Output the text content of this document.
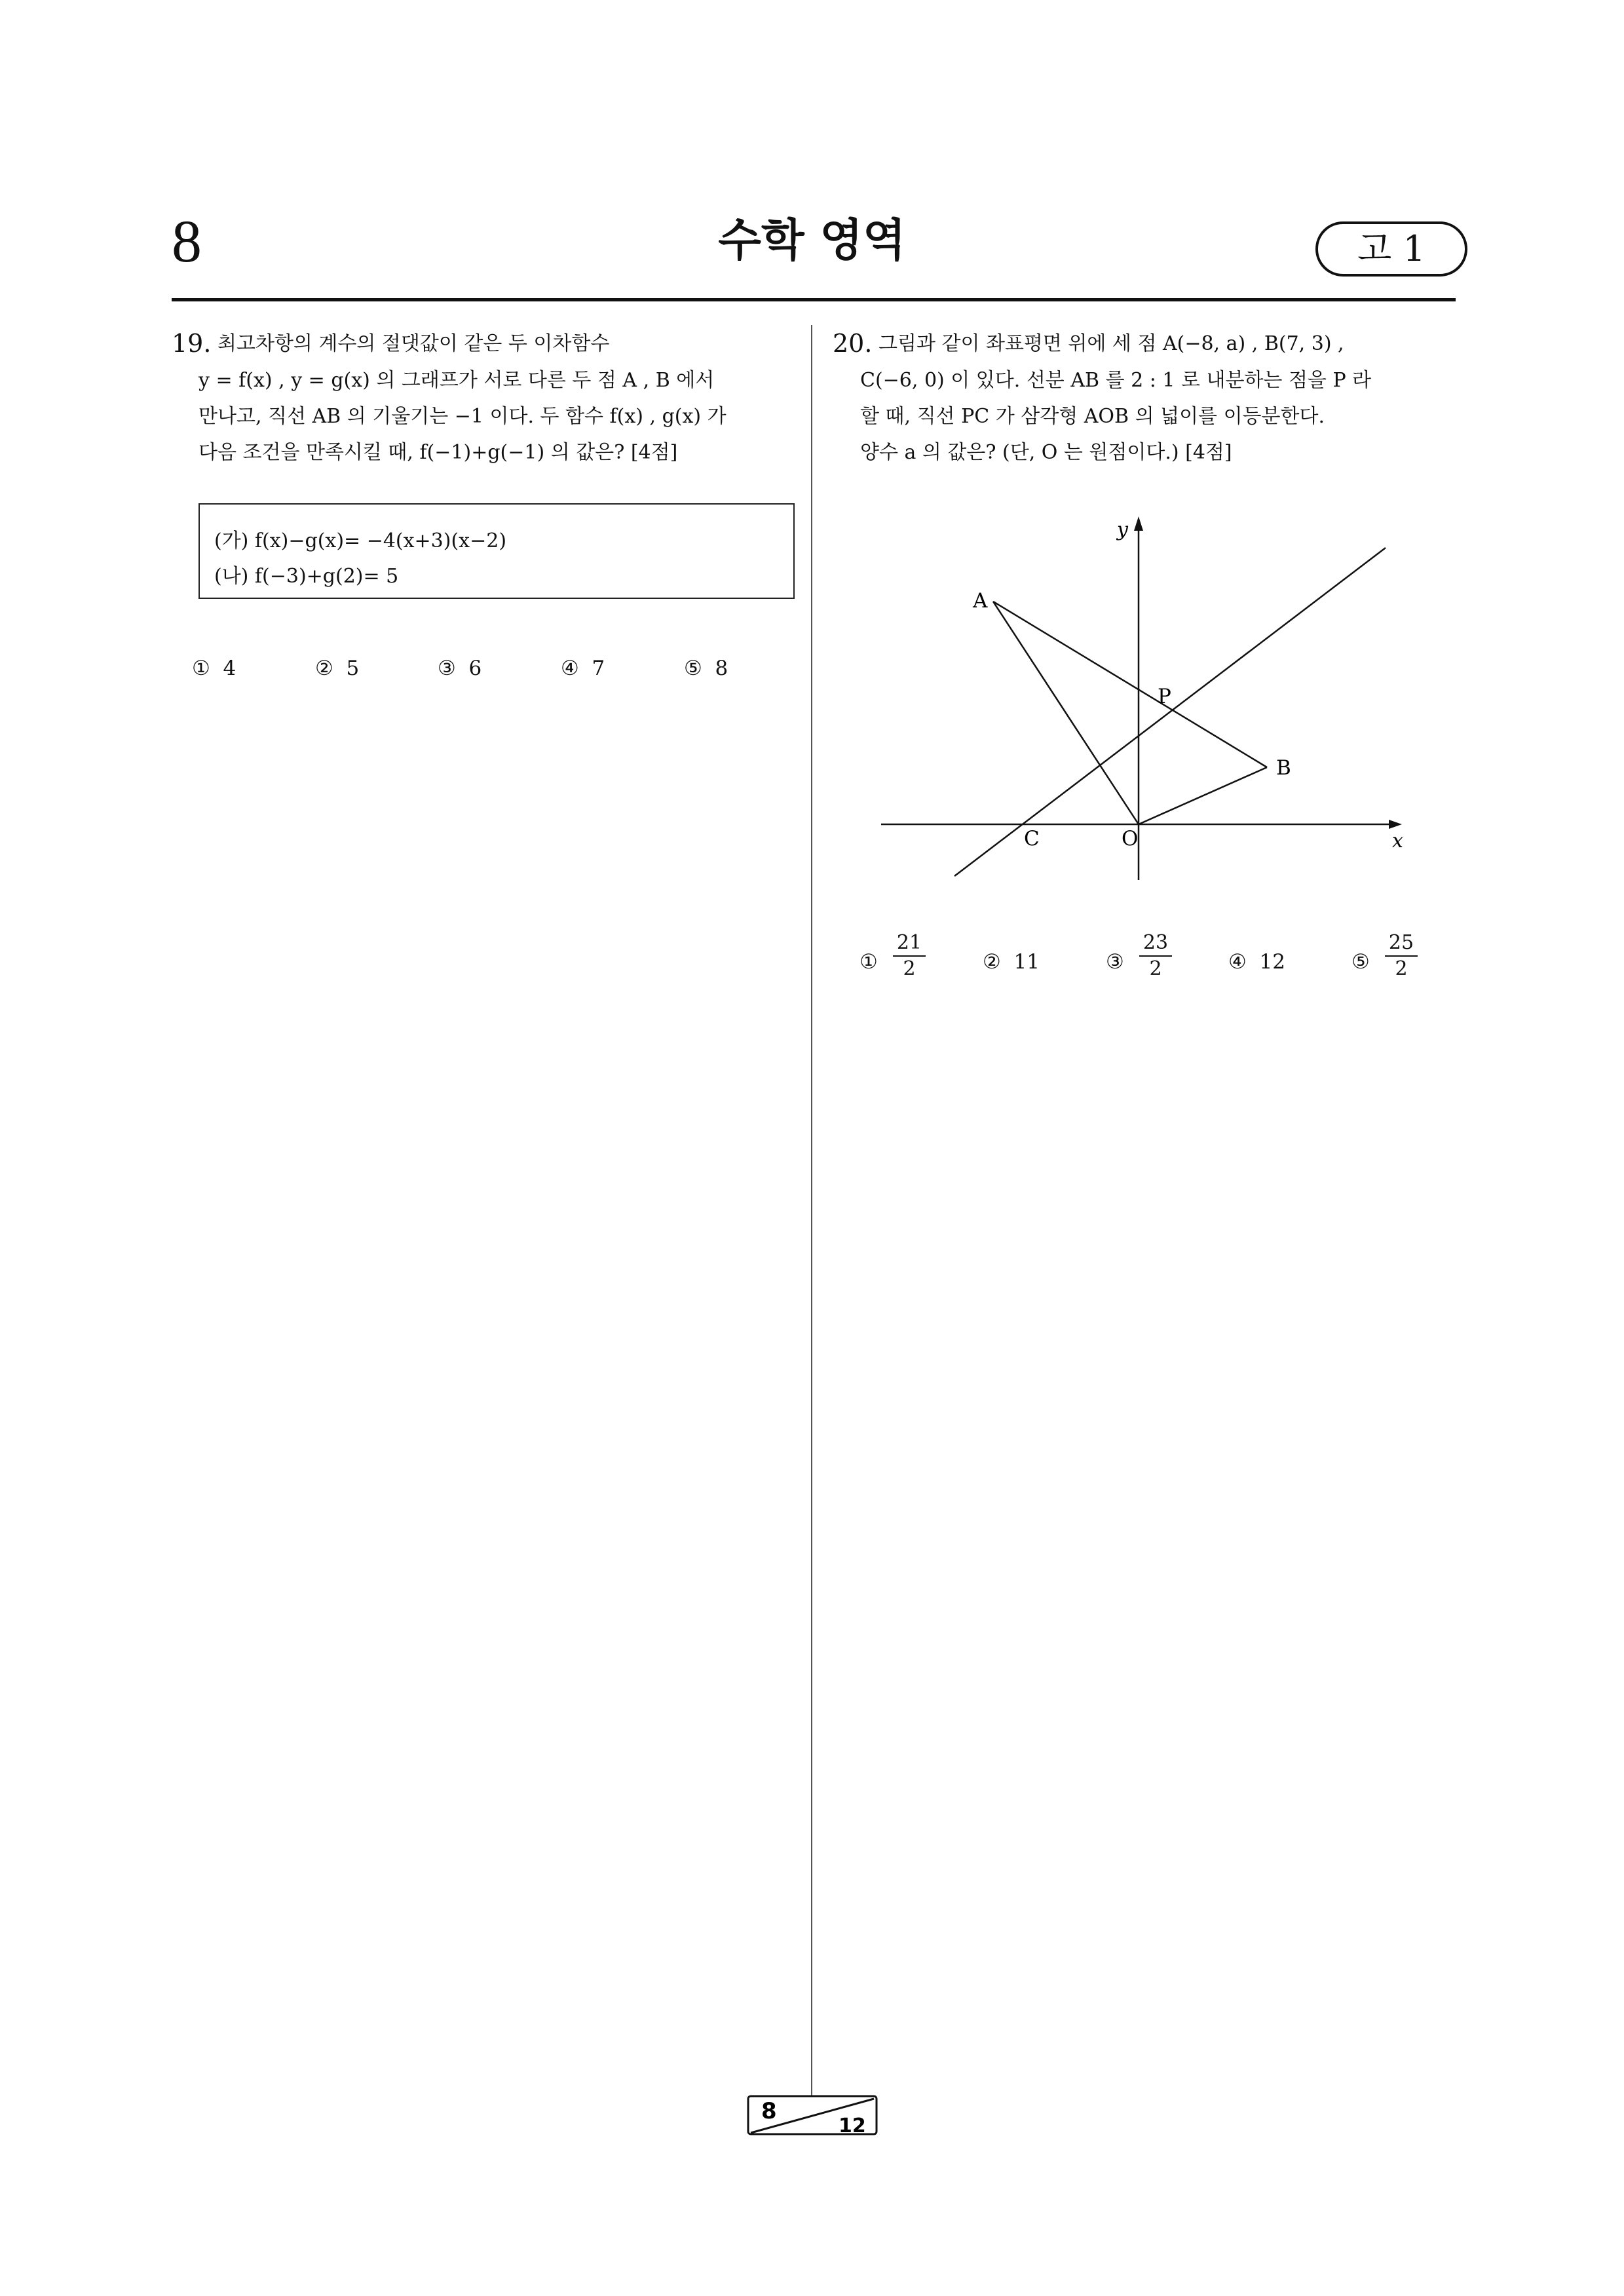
8	수학 영역	고 1
19. 최고차항의 계수의 절댓값이 같은 두 이차함수
y = f(x) , y = g(x) 의 그래프가 서로 다른 두 점 A , B 에서
만나고, 직선 AB 의 기울기는 −1 이다. 두 함수 f(x) , g(x) 가
다음 조건을 만족시킬 때, f(−1)+g(−1) 의 값은? [4점]
(가) f(x)−g(x)= −4(x+3)(x−2)
(나) f(−3)+g(2)= 5
① 4	② 5	③ 6	④ 7	⑤ 8
20. 그림과 같이 좌표평면 위에 세 점 A(−8, a) , B(7, 3) ,
C(−6, 0) 이 있다. 선분 AB 를 2 : 1 로 내분하는 점을 P 라
할 때, 직선 PC 가 삼각형 AOB 의 넓이를 이등분한다.
양수 a 의 값은? (단, O 는 원점이다.) [4점]
y
x
A
B
P
C	O
①
21
2	② 11	③
23
2	④ 12	⑤
25
2
8
12
